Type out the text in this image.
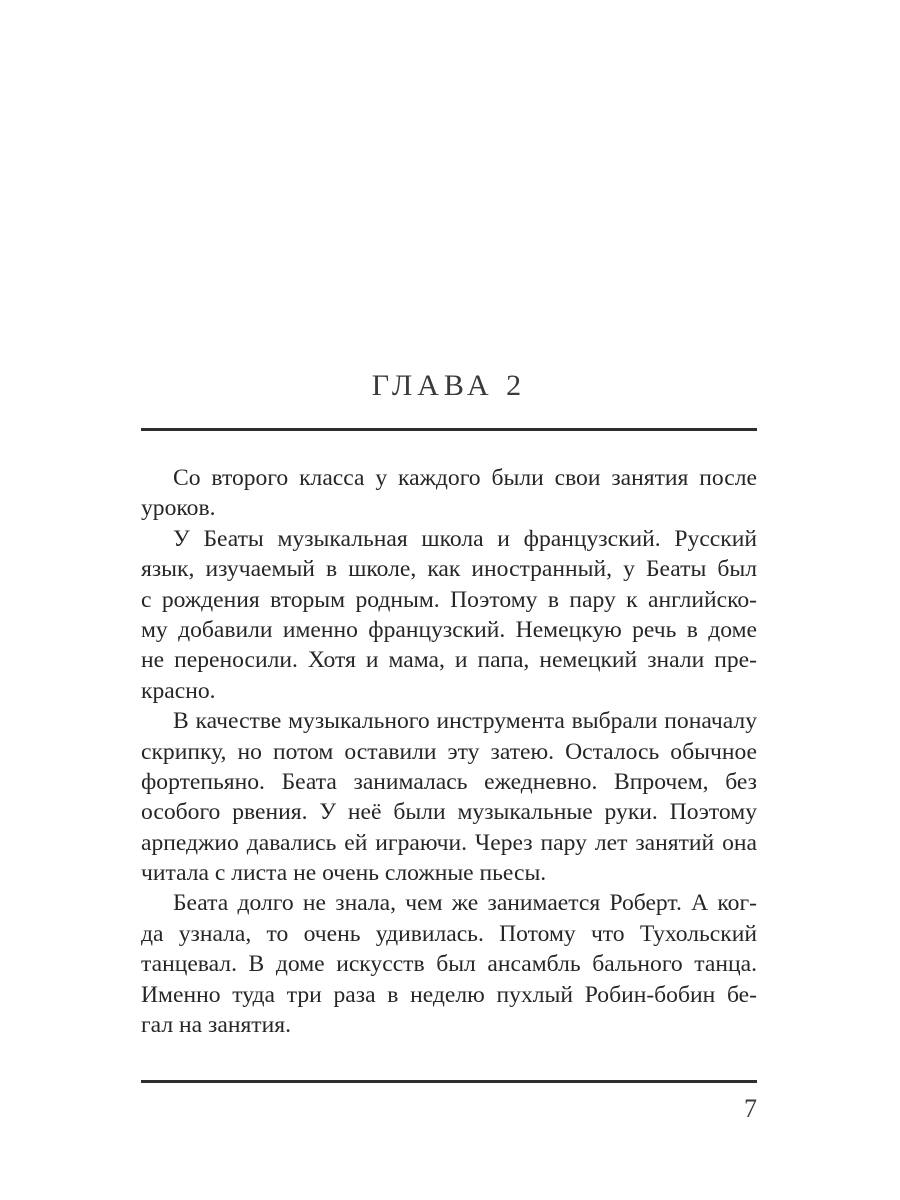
ГЛАВА 2
Со второго класса у каждого были свои занятия после
уроков.
У Беаты музыкальная школа и французский. Русский
язык, изучаемый в школе, как иностранный, у Беаты был
с рождения вторым родным. Поэтому в пару к английско-
му добавили именно французский. Немецкую речь в доме
не переносили. Хотя и мама, и папа, немецкий знали пре-
красно.
В качестве музыкального инструмента выбрали поначалу
скрипку, но потом оставили эту затею. Осталось обычное
фортепьяно. Беата занималась ежедневно. Впрочем, без
особого рвения. У неё были музыкальные руки. Поэтому
арпеджио давались ей играючи. Через пару лет занятий она
читала с листа не очень сложные пьесы.
Беата долго не знала, чем же занимается Роберт. А ког-
да узнала, то очень удивилась. Потому что Тухольский
танцевал. В доме искусств был ансамбль бального танца.
Именно туда три раза в неделю пухлый Робин-бобин бе-
гал на занятия.
7
